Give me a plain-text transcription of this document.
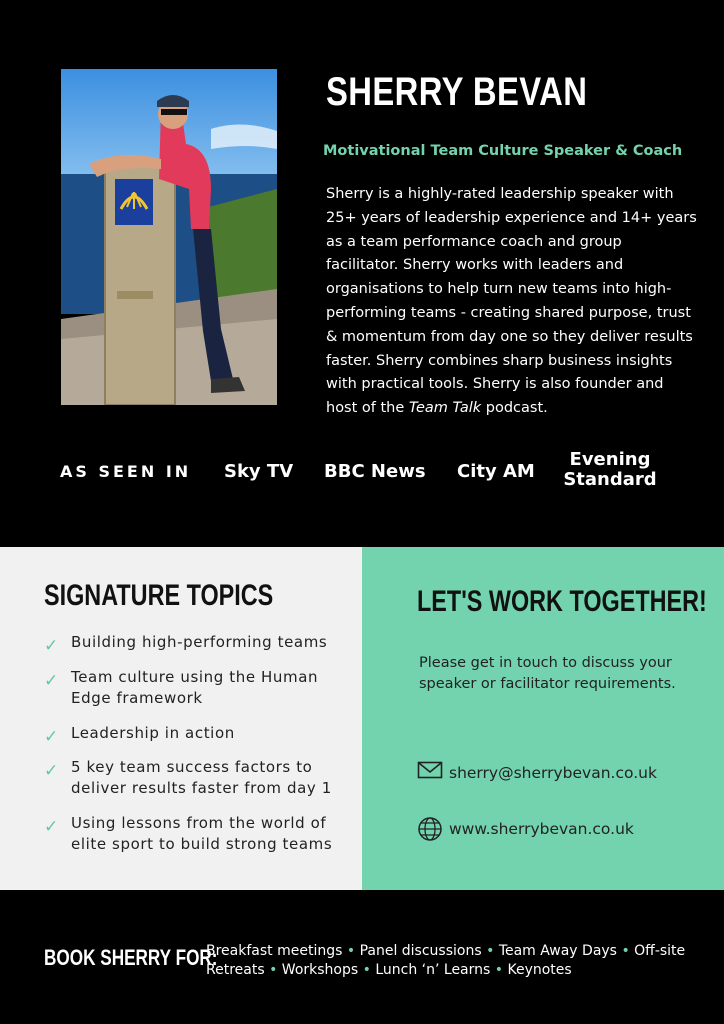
SHERRY BEVAN
Motivational Team Culture Speaker & Coach

Sherry is a highly-rated leadership speaker with 25+ years of leadership experience and 14+ years as a team performance coach and group facilitator. Sherry works with leaders and organisations to help turn new teams into high-performing teams - creating shared purpose, trust & momentum from day one so they deliver results faster. Sherry combines sharp business insights with practical tools. Sherry is also founder and host of the Team Talk podcast.

AS SEEN IN Sky TV BBC News City AM
Evening Standard
SIGNATURE TOPICS
✓ Building high-performing teams
✓ Team culture using the Human Edge framework
✓ Leadership in action
✓ 5 key team success factors to deliver results faster from day 1
✓ Using lessons from the world of elite sport to build strong teams
LET'S WORK TOGETHER!
Please get in touch to discuss your speaker or facilitator requirements.
sherry@sherrybevan.co.uk
www.sherrybevan.co.uk
BOOK SHERRY FOR:
Breakfast meetings • Panel discussions • Team Away Days • Off-site Retreats • Workshops • Lunch ‘n’ Learns • Keynotes
